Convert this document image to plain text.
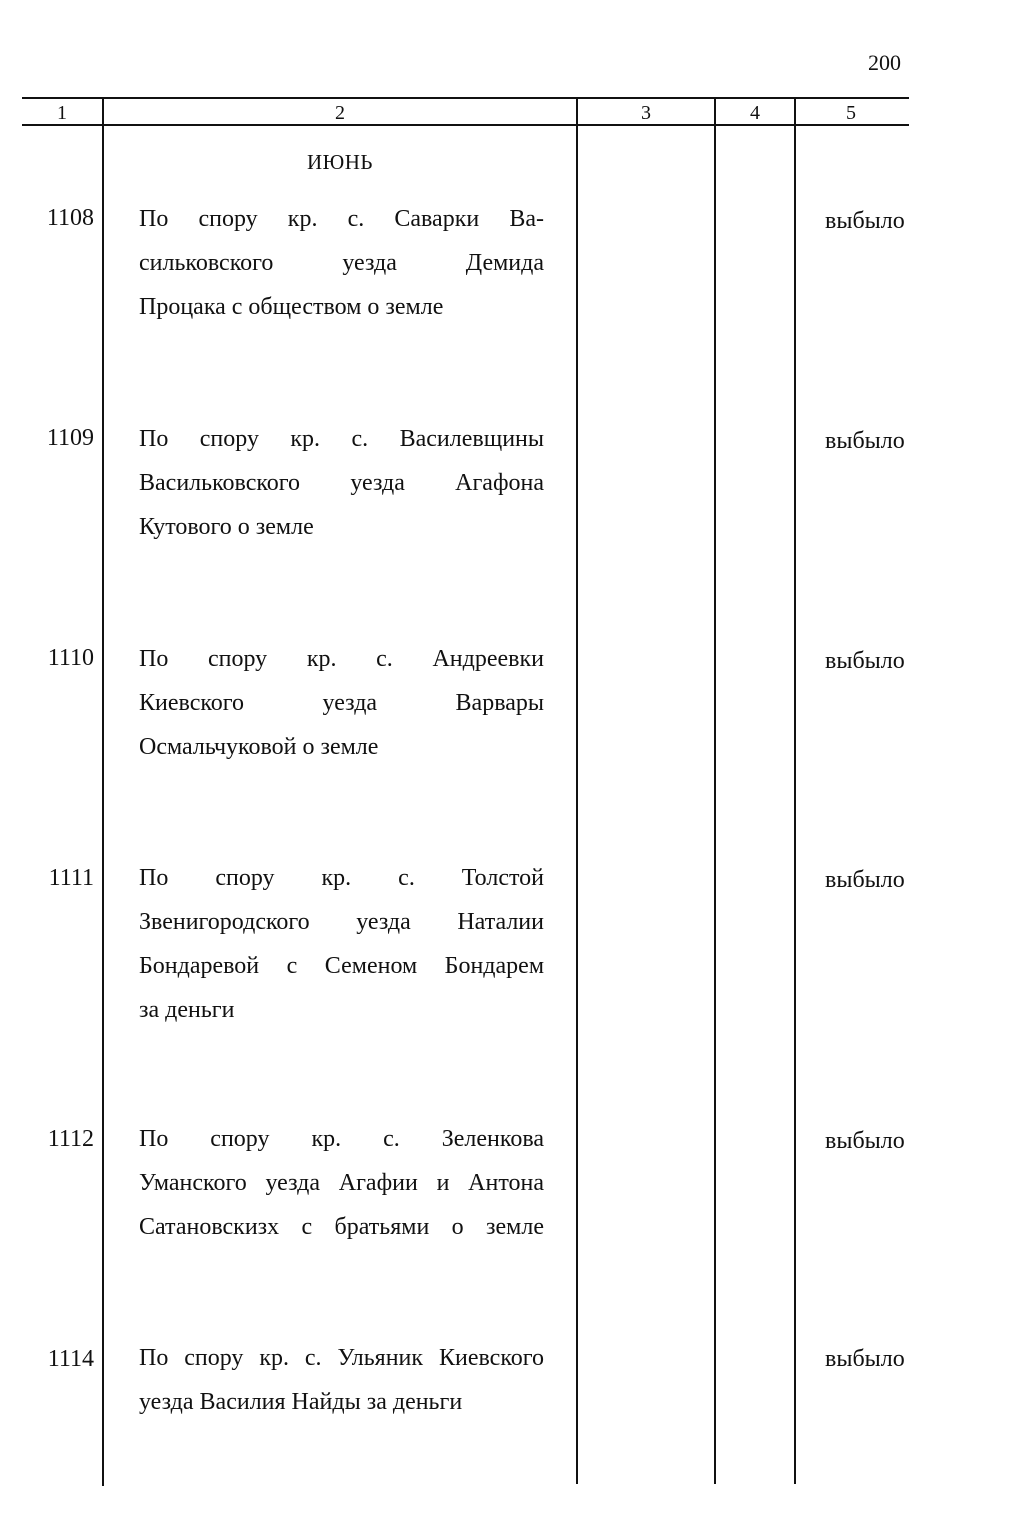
200
1	2	3	4	5
ИЮНЬ
1108 По спору кр. с. Саварки Ва-
сильковского уезда Демида
Процака с обществом о земле
выбыло
1109 По спору кр. с. Василевщины
Васильковского уезда Агафона
Кутового о земле
выбыло
1110 По спору кр. с. Андреевки
Киевского уезда Варвары
Осмальчуковой о земле
выбыло
1111 По спору кр. с. Толстой
Звенигородского уезда Наталии
Бондаревой с Семеном Бондарем
за деньги
выбыло
1112 По спору кр. с. Зеленкова
Уманского уезда Агафии и Антона
Сатановскизх с братьями о земле
выбыло
1114 По спору кр. с. Ульяник Киевского
уезда Василия Найды за деньги
выбыло
